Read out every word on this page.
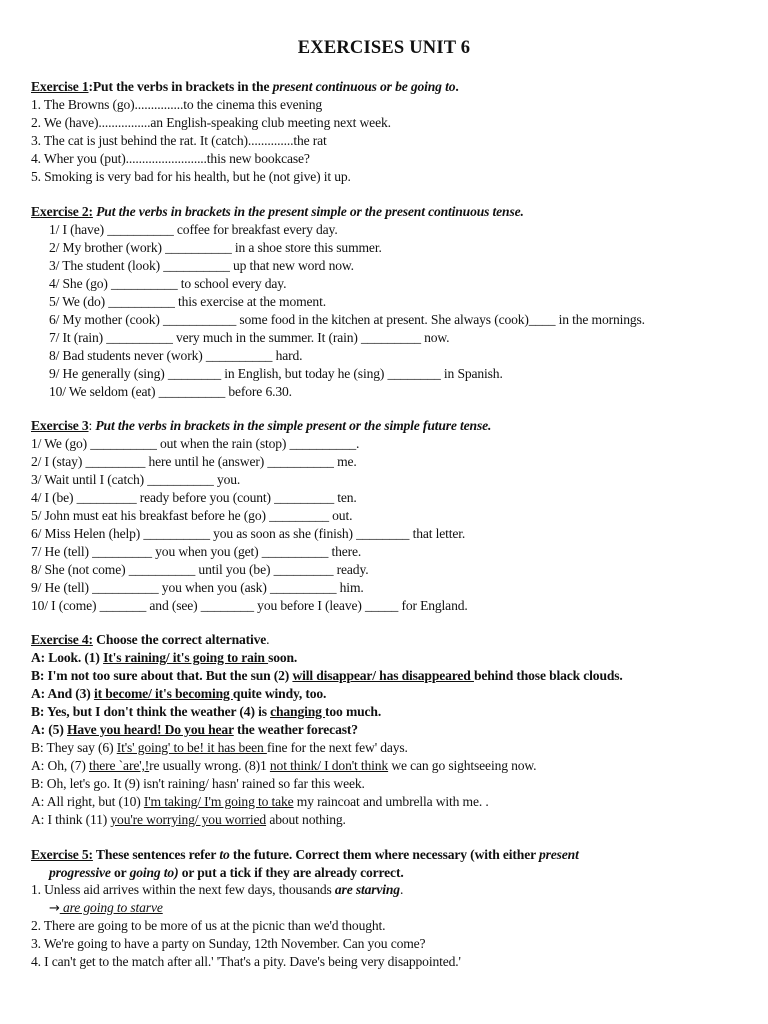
EXERCISES UNIT 6
Exercise 1:Put the verbs in brackets in the present continuous or be going to.
1. The Browns (go)...............to the cinema this evening
2. We (have)................an English-speaking club meeting next week.
3. The cat is just behind the rat. It (catch)..............the rat
4. Wher you (put).........................this new bookcase?
5. Smoking is very bad for his health, but he (not give) it up.
Exercise 2: Put the verbs in brackets in the present simple or the present continuous tense.
1/ I (have) __________ coffee for breakfast every day.
2/ My brother (work) __________ in a shoe store this summer.
3/ The student (look) __________ up that new word now.
4/ She (go) __________ to school every day.
5/ We (do) __________ this exercise at the moment.
6/ My mother (cook) ___________ some food in the kitchen at present. She always (cook)____ in the mornings.
7/ It (rain) __________ very much in the summer. It (rain) _________ now.
8/ Bad students never (work) __________ hard.
9/ He generally (sing) ________ in English, but today he (sing) ________ in Spanish.
10/ We seldom (eat) __________ before 6.30.
Exercise 3: Put the verbs in brackets in the simple present or the simple future tense.
1/ We (go) __________ out when the rain (stop) __________.
2/ I (stay) _________ here until he (answer) __________ me.
3/ Wait until I (catch) __________ you.
4/ I (be) _________ ready before you (count) _________ ten.
5/ John must eat his breakfast before he (go) _________ out.
6/ Miss Helen (help) __________ you as soon as she (finish) ________ that letter.
7/ He (tell) _________ you when you (get) __________ there.
8/ She (not come) __________ until you (be) _________ ready.
9/ He (tell) __________ you when you (ask) __________ him.
10/ I (come) _______ and (see) ________ you before I (leave) _____ for England.
Exercise 4: Choose the correct alternative.
A: Look. (1) It's raining/ it's going to rain soon.
B: I'm not too sure about that. But the sun (2) will disappear/ has disappeared behind those black clouds.
A: And (3) it become/ it's becoming quite windy, too.
B: Yes, but I don't think the weather (4) is changing too much.
A: (5) Have you heard! Do you hear the weather forecast?
B: They say (6) It's' going' to be! it has been fine for the next few' days.
A: Oh, (7) there `are',!re usually wrong. (8)1 not think/ I don't think we can go sightseeing now.
B: Oh, let's go. It (9) isn't raining/ hasn' rained so far this week.
A: All right, but (10) I'm taking/ I'm going to take my raincoat and umbrella with me. .
A: I think (11) you're worrying/ you worried about nothing.
Exercise 5: These sentences refer to the future. Correct them where necessary (with either present
progressive or going to) or put a tick if they are already correct.
1. Unless aid arrives within the next few days, thousands are starving.
→ are going to starve
2. There are going to be more of us at the picnic than we'd thought.
3. We're going to have a party on Sunday, 12th November. Can you come?
4. I can't get to the match after all.' 'That's a pity. Dave's being very disappointed.'
